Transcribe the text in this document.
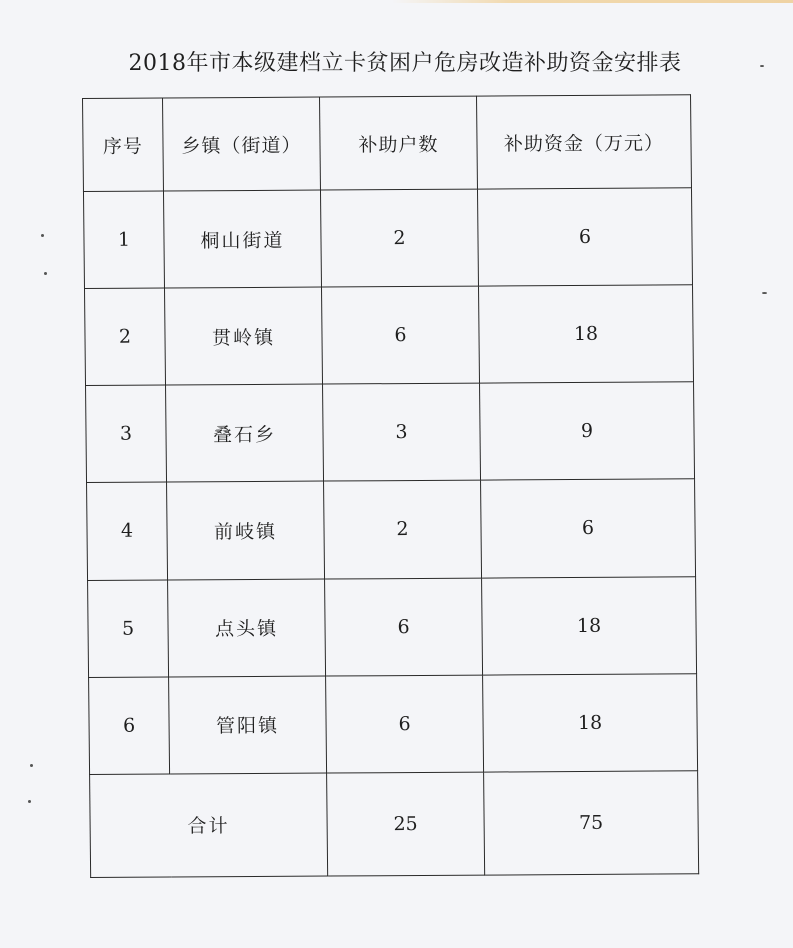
2018年市本级建档立卡贫困户危房改造补助资金安排表
序号	乡镇（街道）	补助户数	补助资金（万元）
1	桐山街道	2	6
2	贯岭镇	6	18
3	叠石乡	3	9
4	前岐镇	2	6
5	点头镇	6	18
6	管阳镇	6	18
合计		25	75
